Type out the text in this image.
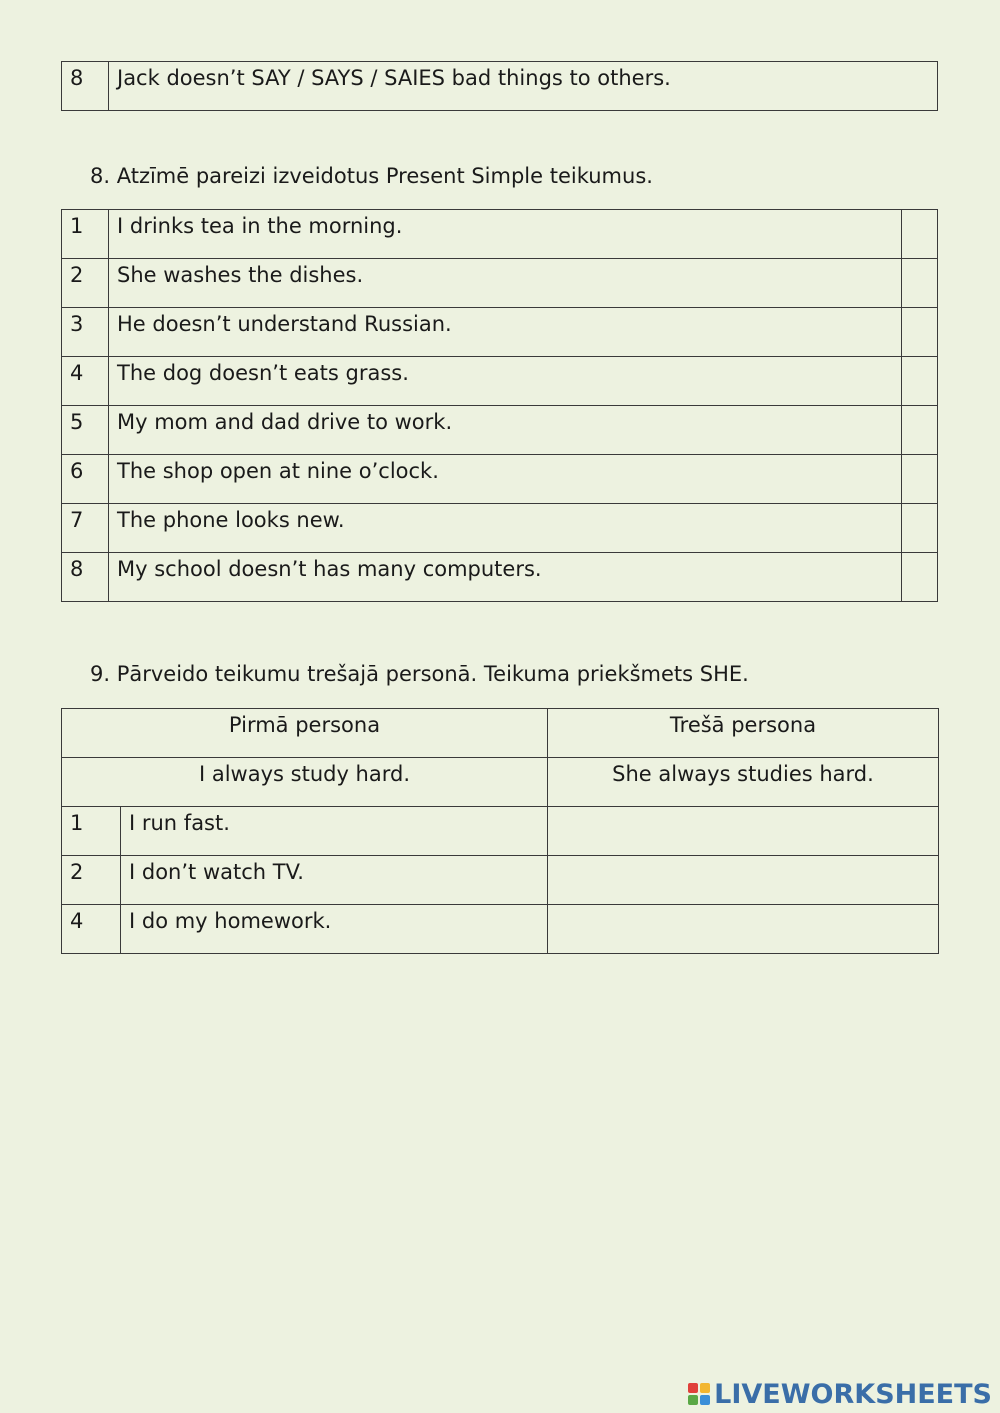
8	Jack doesn’t SAY / SAYS / SAIES bad things to others.
8. Atzīmē pareizi izveidotus Present Simple teikumus.
1	I drinks tea in the morning.	
2	She washes the dishes.	
3	He doesn’t understand Russian.	
4	The dog doesn’t eats grass.	
5	My mom and dad drive to work.	
6	The shop open at nine o’clock.	
7	The phone looks new.	
8	My school doesn’t has many computers.	
9. Pārveido teikumu trešajā personā. Teikuma priekšmets SHE.
Pirmā persona		Trešā persona
I always study hard.		She always studies hard.
1	I run fast.	
2	I don’t watch TV.	
4	I do my homework.	
LIVEWORKSHEETS
